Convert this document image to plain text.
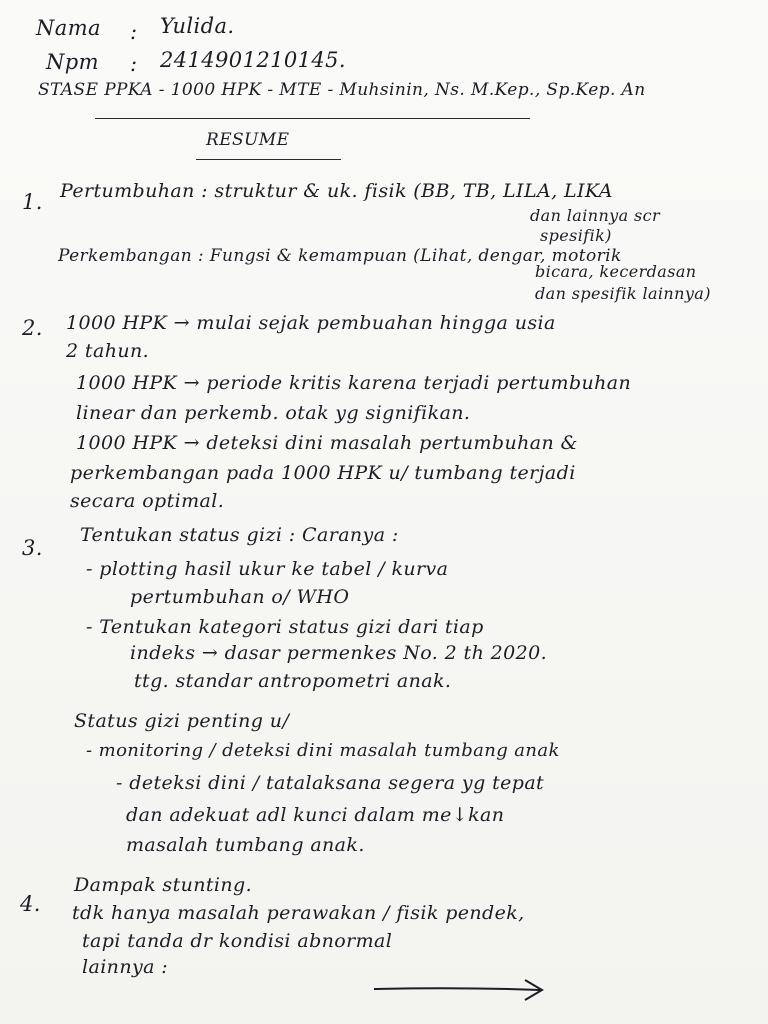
Nama : Yulida.
Npm : 2414901210145.
STASE PPKA - 1000 HPK - MTE - Muhsinin, Ns. M.Kep., Sp.Kep. An
RESUME
1. Pertumbuhan : struktur & uk. fisik (BB, TB, LILA, LIKA
dan lainnya scr
spesifik)
Perkembangan : Fungsi & kemampuan (Lihat, dengar, motorik
bicara, kecerdasan
dan spesifik lainnya)
2. 1000 HPK → mulai sejak pembuahan hingga usia
2 tahun.
1000 HPK → periode kritis karena terjadi pertumbuhan
linear dan perkemb. otak yg signifikan.
1000 HPK → deteksi dini masalah pertumbuhan &
perkembangan pada 1000 HPK u/ tumbang terjadi
secara optimal.
3.
Tentukan status gizi : Caranya :
- plotting hasil ukur ke tabel / kurva
pertumbuhan o/ WHO
- Tentukan kategori status gizi dari tiap
indeks → dasar permenkes No. 2 th 2020.
ttg. standar antropometri anak.
Status gizi penting u/
- monitoring / deteksi dini masalah tumbang anak
- deteksi dini / tatalaksana segera yg tepat
dan adekuat adl kunci dalam me↓kan
masalah tumbang anak.
4.
Dampak stunting.
tdk hanya masalah perawakan / fisik pendek,
tapi tanda dr kondisi abnormal
lainnya :
